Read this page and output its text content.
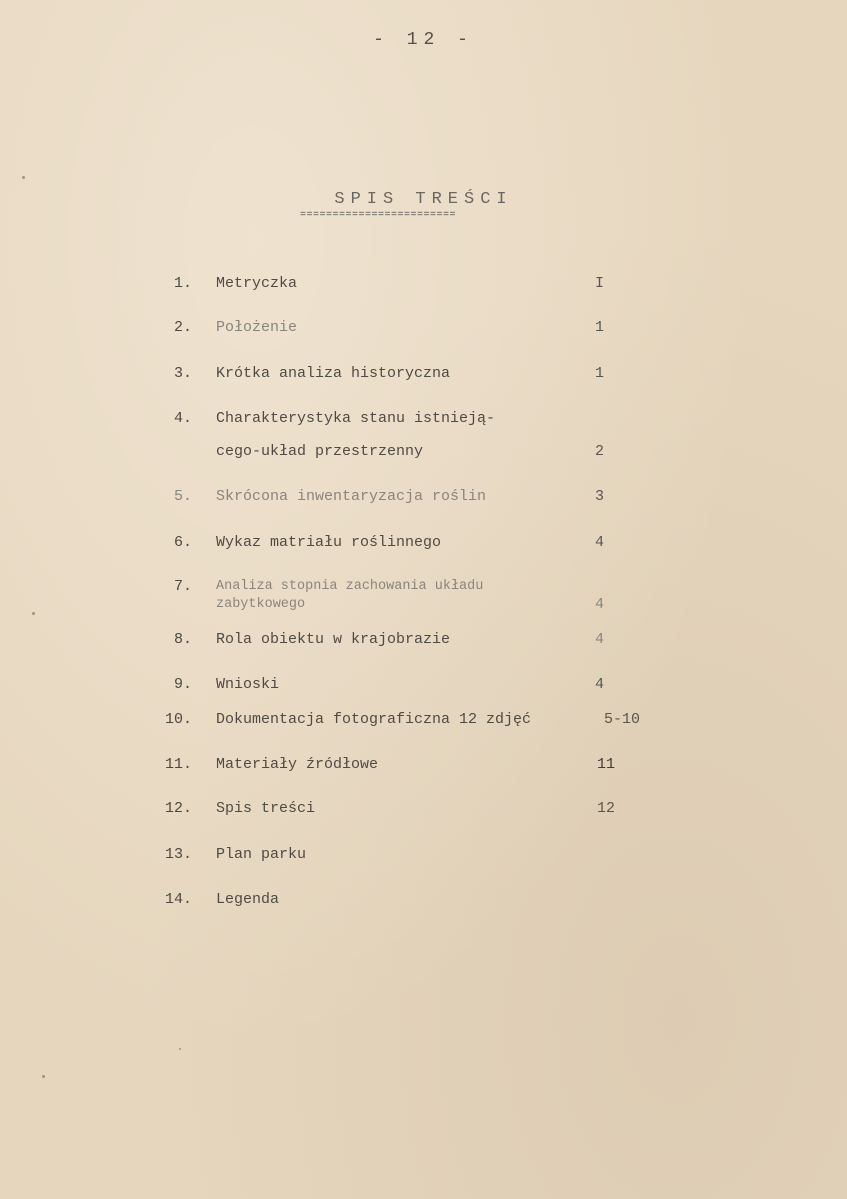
- 12 -
SPIS TREŚCI
========================
1. Metryczka	I
2. Położenie	1
3. Krótka analiza historyczna	1
4. Charakterystyka stanu istnieją-
cego-układ przestrzenny	2
5. Skrócona inwentaryzacja roślin	3
6. Wykaz matriału roślinnego	4
7. Analiza stopnia zachowania układu
zabytkowego	4
8. Rola obiektu w krajobrazie	4
9. Wnioski	4
10. Dokumentacja fotograficzna 12 zdjęć	5-10
11. Materiały źródłowe	11
12. Spis treści	12
13. Plan parku
14. Legenda
